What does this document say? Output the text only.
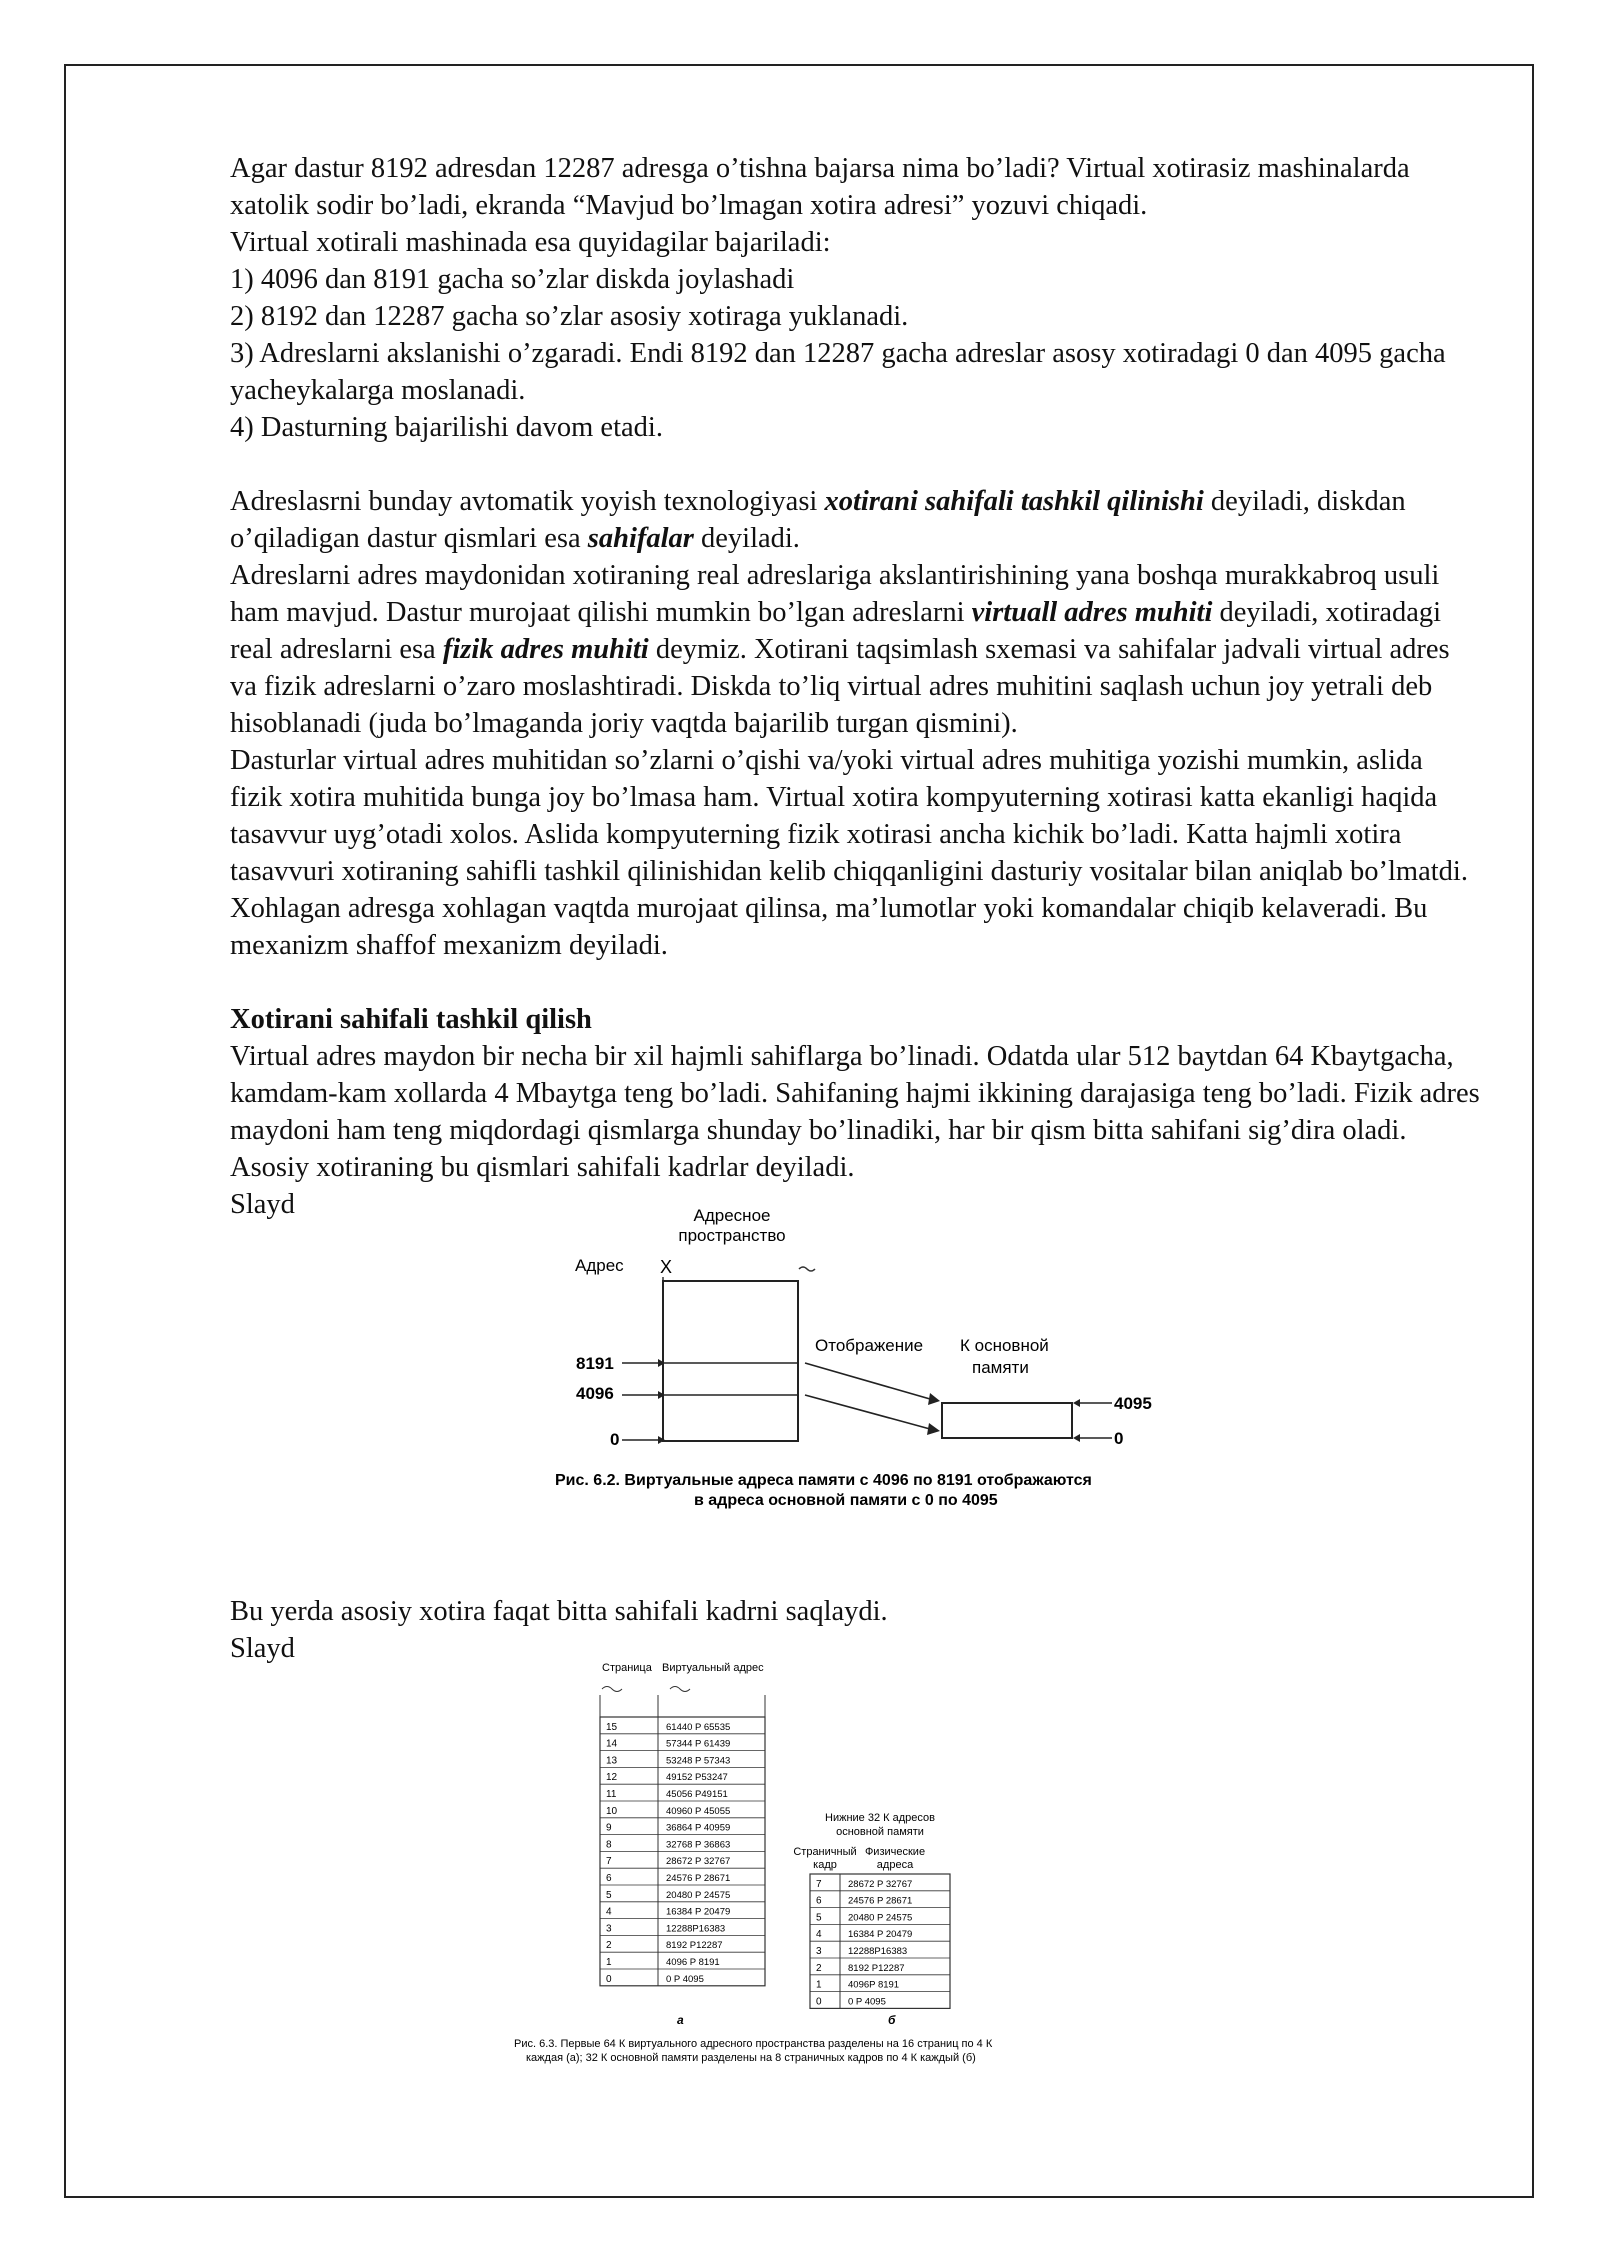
Agar dastur 8192 adresdan 12287 adresga o’tishna bajarsa nima bo’ladi? Virtual xotirasiz mashinalarda xatolik sodir bo’ladi, ekranda “Mavjud bo’lmagan xotira adresi” yozuvi chiqadi.

Virtual xotirali mashinada esa quyidagilar bajariladi:

1) 4096 dan 8191 gacha so’zlar diskda joylashadi

2) 8192 dan 12287 gacha so’zlar asosiy xotiraga yuklanadi.

3) Adreslarni akslanishi o’zgaradi. Endi 8192 dan 12287 gacha adreslar asosy xotiradagi 0 dan 4095 gacha yacheykalarga moslanadi.

4) Dasturning bajarilishi davom etadi.

Adreslasrni bunday avtomatik yoyish texnologiyasi xotirani sahifali tashkil qilinishi deyiladi, diskdan o’qiladigan dastur qismlari esa sahifalar deyiladi.

Adreslarni adres maydonidan xotiraning real adreslariga akslantirishining yana boshqa murakkabroq usuli ham mavjud. Dastur murojaat qilishi mumkin bo’lgan adreslarni virtuall adres muhiti deyiladi, xotiradagi real adreslarni esa fizik adres muhiti deymiz. Xotirani taqsimlash sxemasi va sahifalar jadvali virtual adres va fizik adreslarni o’zaro moslashtiradi. Diskda to’liq virtual adres muhitini saqlash uchun joy yetrali deb hisoblanadi (juda bo’lmaganda joriy vaqtda bajarilib turgan qismini).

Dasturlar virtual adres muhitidan so’zlarni o’qishi va/yoki virtual adres muhitiga yozishi mumkin, aslida fizik xotira muhitida bunga joy bo’lmasa ham. Virtual xotira kompyuterning xotirasi katta ekanligi haqida tasavvur uyg’otadi xolos. Aslida kompyuterning fizik xotirasi ancha kichik bo’ladi. Katta hajmli xotira tasavvuri xotiraning sahifli tashkil qilinishidan kelib chiqqanligini dasturiy vositalar bilan aniqlab bo’lmatdi. Xohlagan adresga xohlagan vaqtda murojaat qilinsa, ma’lumotlar yoki komandalar chiqib kelaveradi. Bu mexanizm shaffof mexanizm deyiladi.

Xotirani sahifali tashkil qilish

Virtual adres maydon bir necha bir xil hajmli sahiflarga bo’linadi. Odatda ular 512 baytdan 64 Kbaytgacha, kamdam-kam xollarda 4 Mbaytga teng bo’ladi. Sahifaning hajmi ikkining darajasiga teng bo’ladi. Fizik adres maydoni ham teng miqdordagi qismlarga shunday bo’linadiki, har bir qism bitta sahifani sig’dira oladi. Asosiy xotiraning bu qismlari sahifali kadrlar deyiladi.

Slayd	Адресное
пространство
Адрес X
8191
4096
0
Отображение К основной
памяти
4095
0
Рис. 6.2. Виртуальные адреса памяти с 4096 по 8191 отображаются
в адреса основной памяти с 0 по 4095

Bu yerda asosiy xotira faqat bitta sahifali kadrni saqlaydi.

Slayd

Страница Виртуальный адрес
15	61440 P 65535
14	57344 P 61439
13	53248 P 57343
12	49152 P53247
11	45056 P49151
10	40960 P 45055
9	36864 P 40959
8	32768 P 36863
7	28672 P 32767
6	24576 P 28671
5	20480 P 24575
4	16384 P 20479
3	12288P16383
2	8192 P12287
1	4096 P 8191
0	0 P 4095
Нижние 32 К адресов
основной памяти
Страничный
кадр
Физические
адреса
7	28672 P 32767
6	24576 P 28671
5	20480 P 24575
4	16384 P 20479
3	12288P16383
2	8192 P12287
1	4096P 8191
0	0 P 4095
а	б
Рис. 6.3. Первые 64 К виртуального адресного пространства разделены на 16 страниц по 4 К
каждая (а); 32 К основной памяти разделены на 8 страничных кадров по 4 К каждый (б)
